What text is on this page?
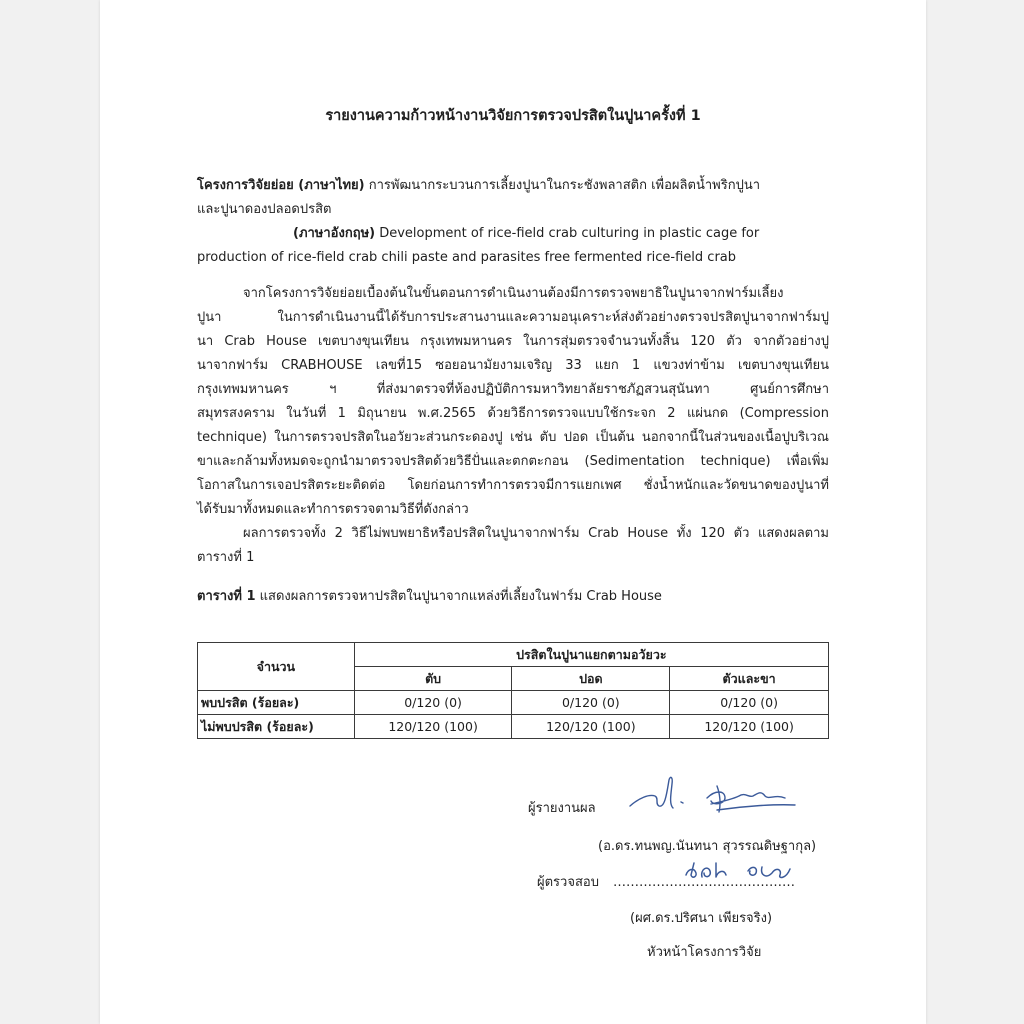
รายงานความก้าวหน้างานวิจัยการตรวจปรสิตในปูนาครั้งที่ 1
โครงการวิจัยย่อย (ภาษาไทย) การพัฒนากระบวนการเลี้ยงปูนาในกระชังพลาสติก เพื่อผลิตน้ำพริกปูนา
และปูนาดองปลอดปรสิต
(ภาษาอังกฤษ) Development of rice-field crab culturing in plastic cage for
production of rice-field crab chili paste and parasites free fermented rice-field crab
จากโครงการวิจัยย่อยเบื้องต้นในขั้นตอนการดำเนินงานต้องมีการตรวจพยาธิในปูนาจากฟาร์มเลี้ยง
ปูนา ในการดำเนินงานนี้ได้รับการประสานงานและความอนุเคราะห์ส่งตัวอย่างตรวจปรสิตปูนาจากฟาร์มปู
นา Crab House เขตบางขุนเทียน กรุงเทพมหานคร ในการสุ่มตรวจจำนวนทั้งสิ้น 120 ตัว จากตัวอย่างปู
นาจากฟาร์ม CRABHOUSE เลขที่15 ซอยอนามัยงามเจริญ 33 แยก 1 แขวงท่าข้าม เขตบางขุนเทียน
กรุงเทพมหานคร ฯ ที่ส่งมาตรวจที่ห้องปฏิบัติการมหาวิทยาลัยราชภัฏสวนสุนันทา ศูนย์การศึกษา
สมุทรสงคราม ในวันที่ 1 มิถุนายน พ.ศ.2565 ด้วยวิธีการตรวจแบบใช้กระจก 2 แผ่นกด (Compression
technique) ในการตรวจปรสิตในอวัยวะส่วนกระดองปู เช่น ตับ ปอด เป็นต้น นอกจากนี้ในส่วนของเนื้อปูบริเวณ
ขาและกล้ามทั้งหมดจะถูกนำมาตรวจปรสิตด้วยวิธีปั่นและตกตะกอน (Sedimentation technique) เพื่อเพิ่ม
โอกาสในการเจอปรสิตระยะติดต่อ โดยก่อนการทำการตรวจมีการแยกเพศ ชั่งน้ำหนักและวัดขนาดของปูนาที่
ได้รับมาทั้งหมดและทำการตรวจตามวิธีที่ดังกล่าว
ผลการตรวจทั้ง 2 วิธีไม่พบพยาธิหรือปรสิตในปูนาจากฟาร์ม Crab House ทั้ง 120 ตัว แสดงผลตาม
ตารางที่ 1
ตารางที่ 1 แสดงผลการตรวจหาปรสิตในปูนาจากแหล่งที่เลี้ยงในฟาร์ม Crab House
จำนวน	ปรสิตในปูนาแยกตามอวัยวะ		
	ตับ	ปอด	ตัวและขา
พบปรสิต (ร้อยละ)	0/120 (0)	0/120 (0)	0/120 (0)
ไม่พบปรสิต (ร้อยละ)	120/120 (100)	120/120 (100)	120/120 (100)
ผู้รายงานผล
(อ.ดร.ทนพญ.นันทนา สุวรรณดิษฐากุล)
ผู้ตรวจสอบ ……………………………………
(ผศ.ดร.ปริศนา เพียรจริง)
หัวหน้าโครงการวิจัย
